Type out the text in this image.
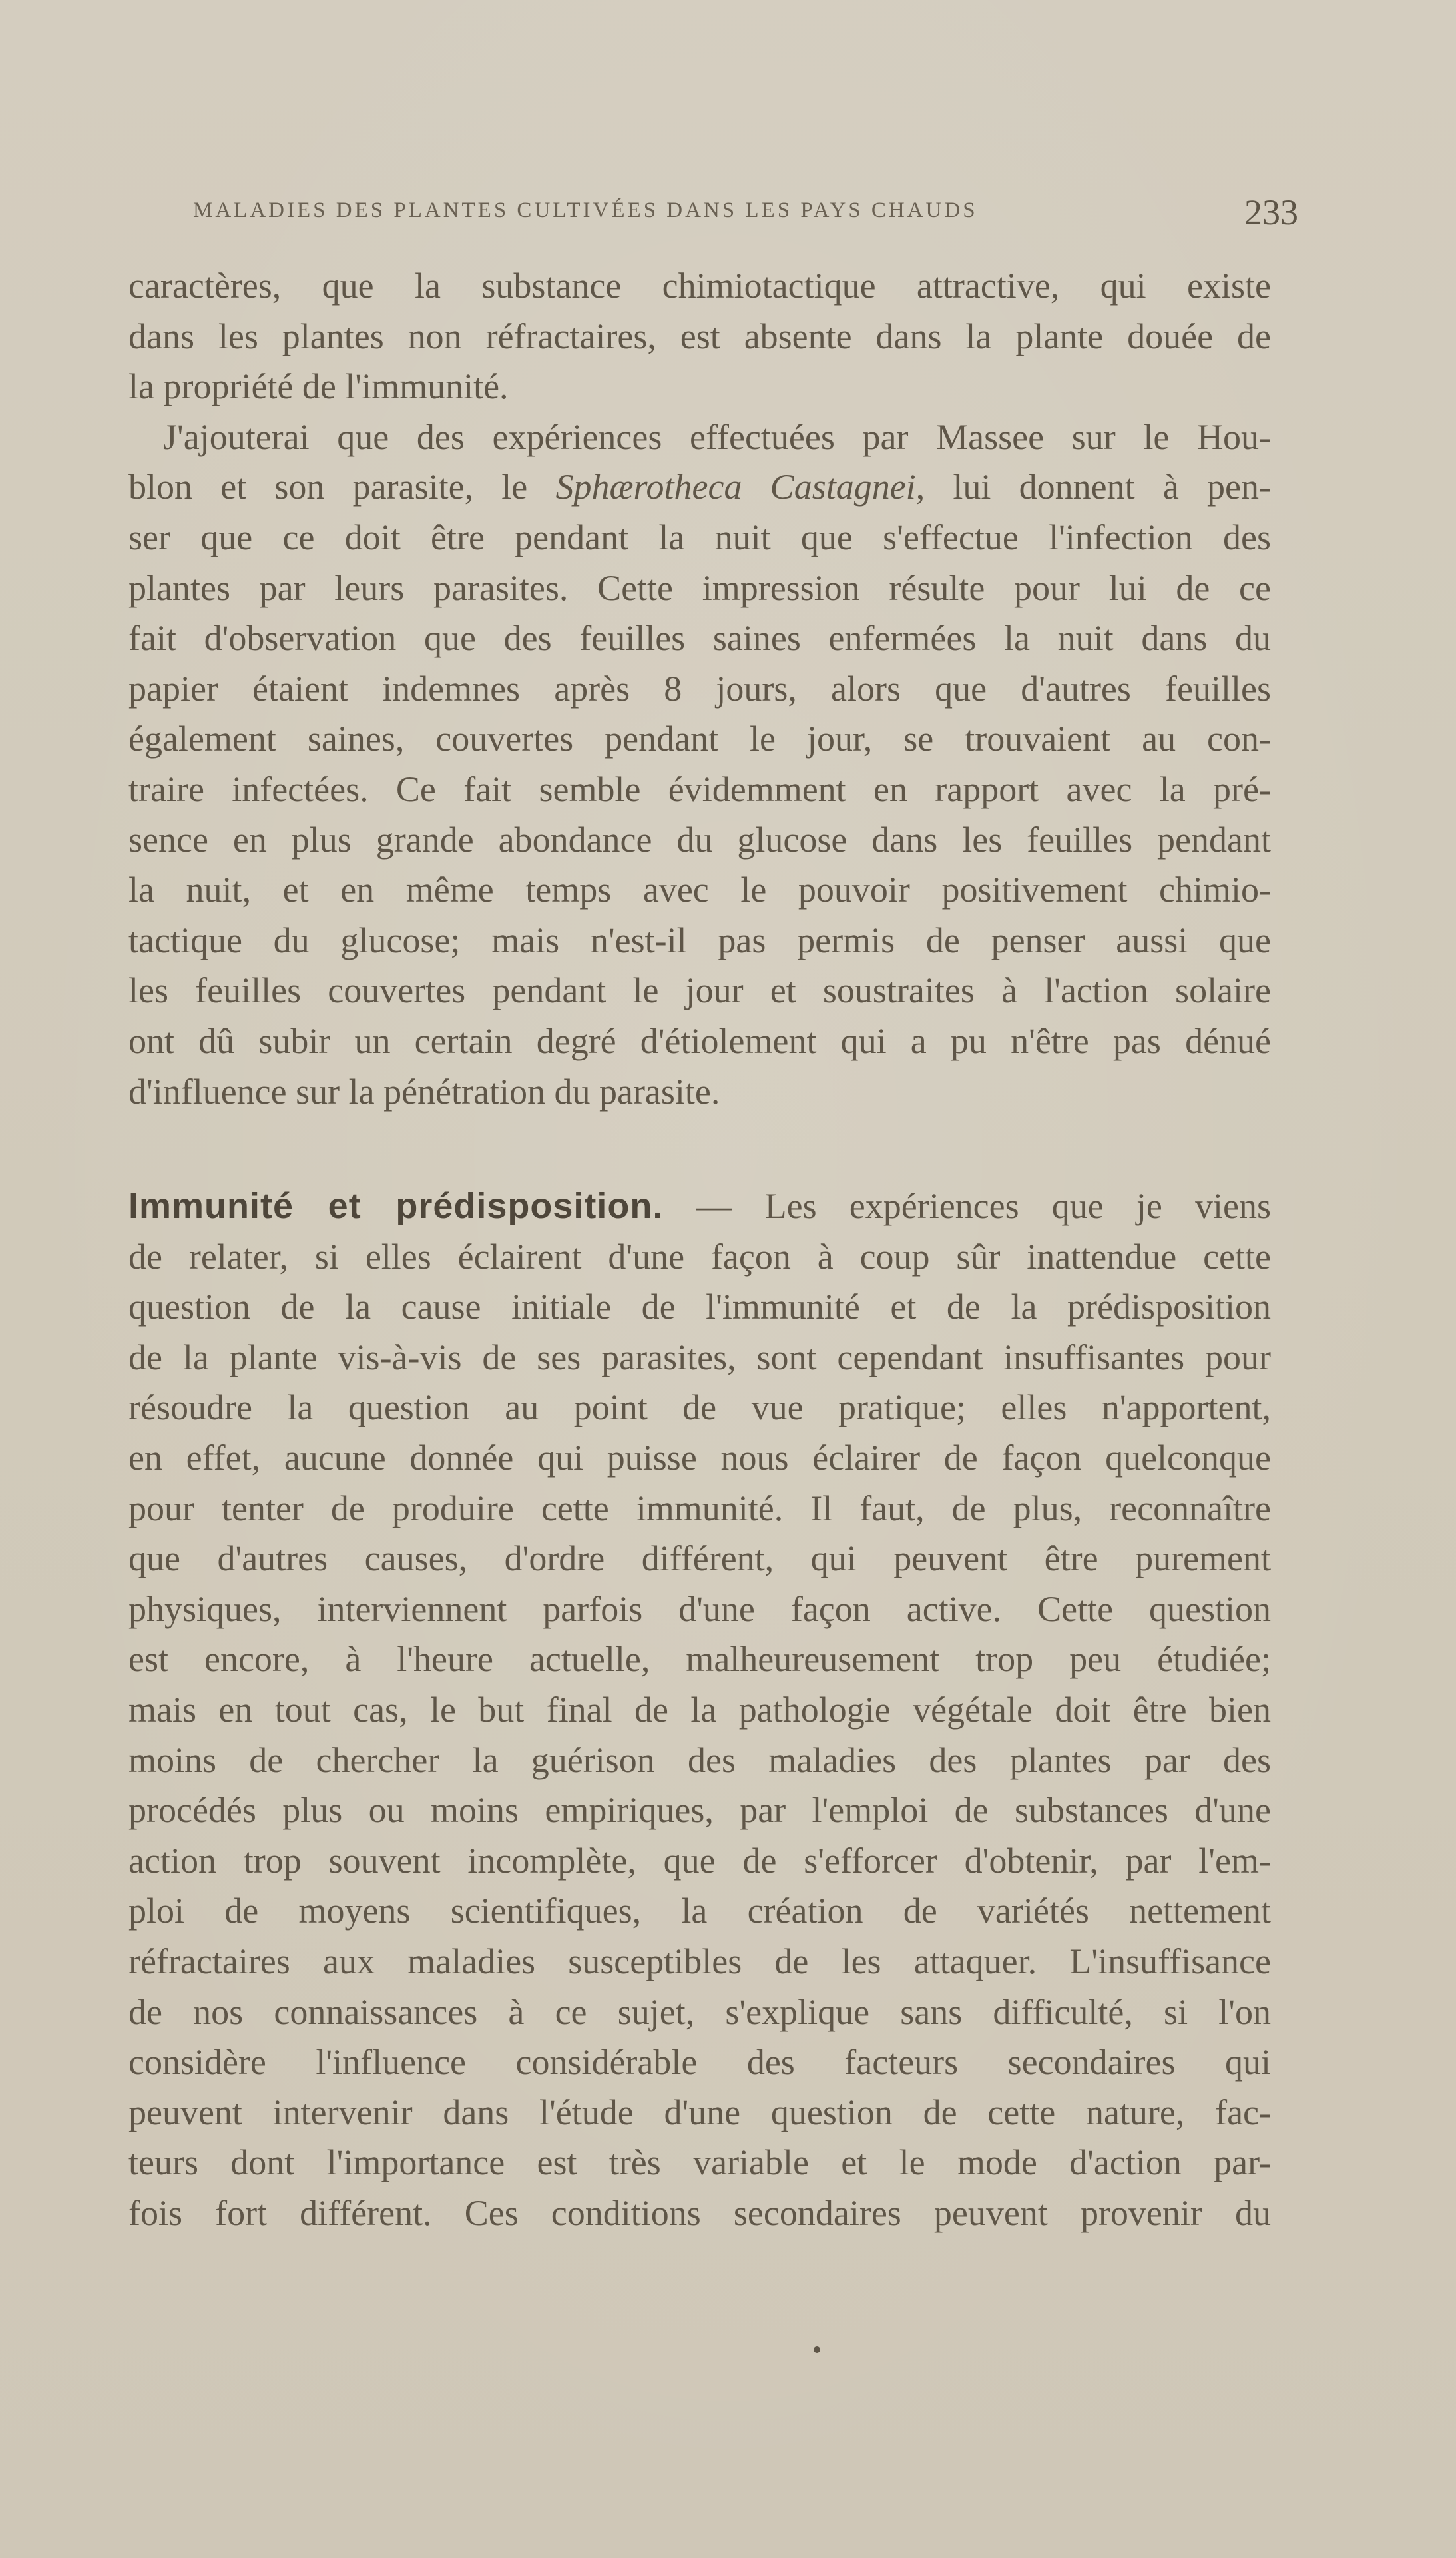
MALADIES DES PLANTES CULTIVÉES DANS LES PAYS CHAUDS	233
caractères, que la substance chimiotactique attractive, qui existe
dans les plantes non réfractaires, est absente dans la plante douée de
la propriété de l'immunité.
J'ajouterai que des expériences effectuées par Massee sur le Hou-
blon et son parasite, le Sphærotheca Castagnei, lui donnent à pen-
ser que ce doit être pendant la nuit que s'effectue l'infection des
plantes par leurs parasites. Cette impression résulte pour lui de ce
fait d'observation que des feuilles saines enfermées la nuit dans du
papier étaient indemnes après 8 jours, alors que d'autres feuilles
également saines, couvertes pendant le jour, se trouvaient au con-
traire infectées. Ce fait semble évidemment en rapport avec la pré-
sence en plus grande abondance du glucose dans les feuilles pendant
la nuit, et en même temps avec le pouvoir positivement chimio-
tactique du glucose; mais n'est-il pas permis de penser aussi que
les feuilles couvertes pendant le jour et soustraites à l'action solaire
ont dû subir un certain degré d'étiolement qui a pu n'être pas dénué
d'influence sur la pénétration du parasite.
Immunité et prédisposition. — Les expériences que je viens
de relater, si elles éclairent d'une façon à coup sûr inattendue cette
question de la cause initiale de l'immunité et de la prédisposition
de la plante vis-à-vis de ses parasites, sont cependant insuffisantes pour
résoudre la question au point de vue pratique; elles n'apportent,
en effet, aucune donnée qui puisse nous éclairer de façon quelconque
pour tenter de produire cette immunité. Il faut, de plus, reconnaître
que d'autres causes, d'ordre différent, qui peuvent être purement
physiques, interviennent parfois d'une façon active. Cette question
est encore, à l'heure actuelle, malheureusement trop peu étudiée;
mais en tout cas, le but final de la pathologie végétale doit être bien
moins de chercher la guérison des maladies des plantes par des
procédés plus ou moins empiriques, par l'emploi de substances d'une
action trop souvent incomplète, que de s'efforcer d'obtenir, par l'em-
ploi de moyens scientifiques, la création de variétés nettement
réfractaires aux maladies susceptibles de les attaquer. L'insuffisance
de nos connaissances à ce sujet, s'explique sans difficulté, si l'on
considère l'influence considérable des facteurs secondaires qui
peuvent intervenir dans l'étude d'une question de cette nature, fac-
teurs dont l'importance est très variable et le mode d'action par-
fois fort différent. Ces conditions secondaires peuvent provenir du
